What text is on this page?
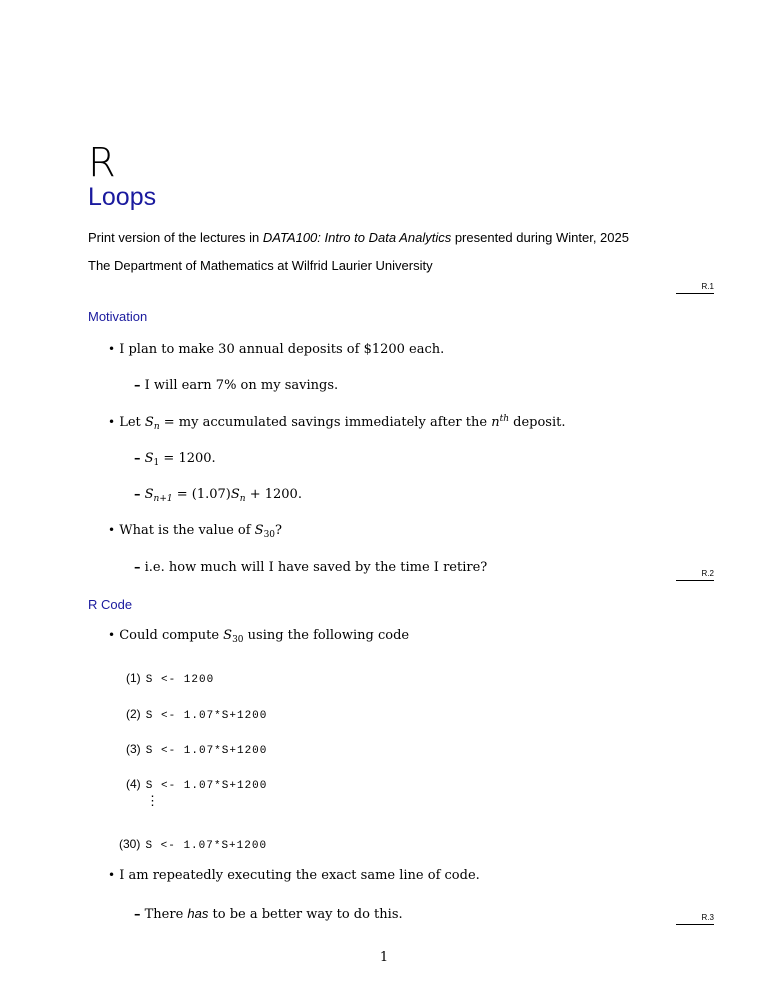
R
Loops
Print version of the lectures in DATA100: Intro to Data Analytics presented during Winter, 2025
The Department of Mathematics at Wilfrid Laurier University
R.1
Motivation
• I plan to make 30 annual deposits of $1200 each.
– I will earn 7% on my savings.
• Let $S_n$ = my accumulated savings immediately after the $n^{th}$ deposit.
– $S_1 = 1200$.
– $S_{n+1} = (1.07)S_n + 1200$.
• What is the value of $S_{30}$?
– i.e. how much will I have saved by the time I retire?	R.2
R Code
• Could compute $S_{30}$ using the following code
(1) S <- 1200
(2) S <- 1.07*S+1200
(3) S <- 1.07*S+1200
(4) S <- 1.07*S+1200
⋮
(30) S <- 1.07*S+1200
• I am repeatedly executing the exact same line of code.
– There has to be a better way to do this.	R.3
1
